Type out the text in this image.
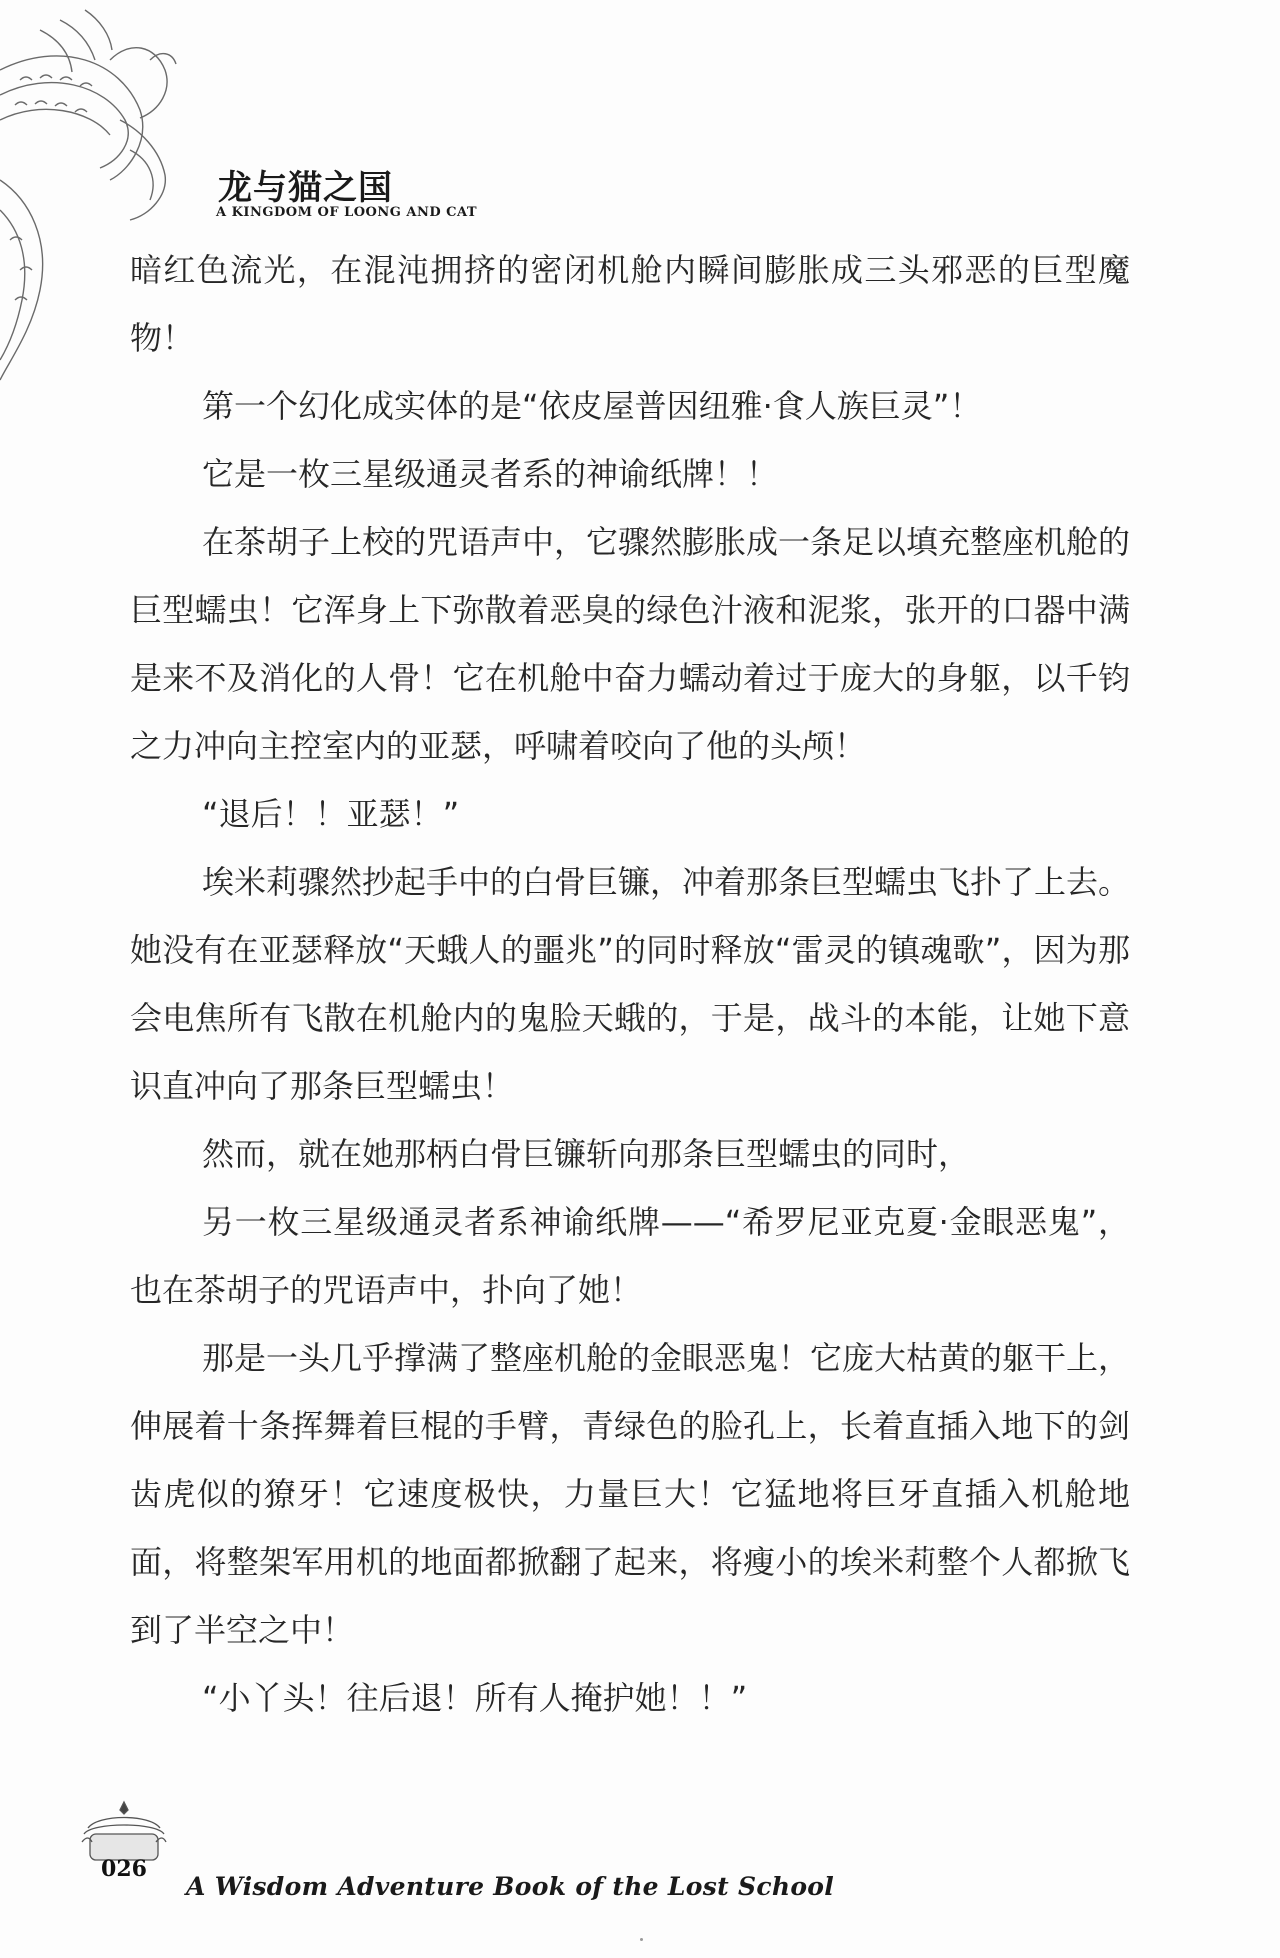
龙与猫之国
A KINGDOM OF LOONG AND CAT

暗红色流光，在混沌拥挤的密闭机舱内瞬间膨胀成三头邪恶的巨型魔物！

第一个幻化成实体的是“依皮屋普因纽雅·食人族巨灵”！

它是一枚三星级通灵者系的神谕纸牌！！

在茶胡子上校的咒语声中，它骤然膨胀成一条足以填充整座机舱的巨型蠕虫！它浑身上下弥散着恶臭的绿色汁液和泥浆，张开的口器中满是来不及消化的人骨！它在机舱中奋力蠕动着过于庞大的身躯，以千钧之力冲向主控室内的亚瑟，呼啸着咬向了他的头颅！

“退后！！亚瑟！”

埃米莉骤然抄起手中的白骨巨镰，冲着那条巨型蠕虫飞扑了上去。她没有在亚瑟释放“天蛾人的噩兆”的同时释放“雷灵的镇魂歌”，因为那会电焦所有飞散在机舱内的鬼脸天蛾的，于是，战斗的本能，让她下意识直冲向了那条巨型蠕虫！

然而，就在她那柄白骨巨镰斩向那条巨型蠕虫的同时，

另一枚三星级通灵者系神谕纸牌——“希罗尼亚克夏·金眼恶鬼”，也在茶胡子的咒语声中，扑向了她！

那是一头几乎撑满了整座机舱的金眼恶鬼！它庞大枯黄的躯干上，伸展着十条挥舞着巨棍的手臂，青绿色的脸孔上，长着直插入地下的剑齿虎似的獠牙！它速度极快，力量巨大！它猛地将巨牙直插入机舱地面，将整架军用机的地面都掀翻了起来，将瘦小的埃米莉整个人都掀飞到了半空之中！

“小丫头！往后退！所有人掩护她！！”

026
A Wisdom Adventure Book of the Lost School
